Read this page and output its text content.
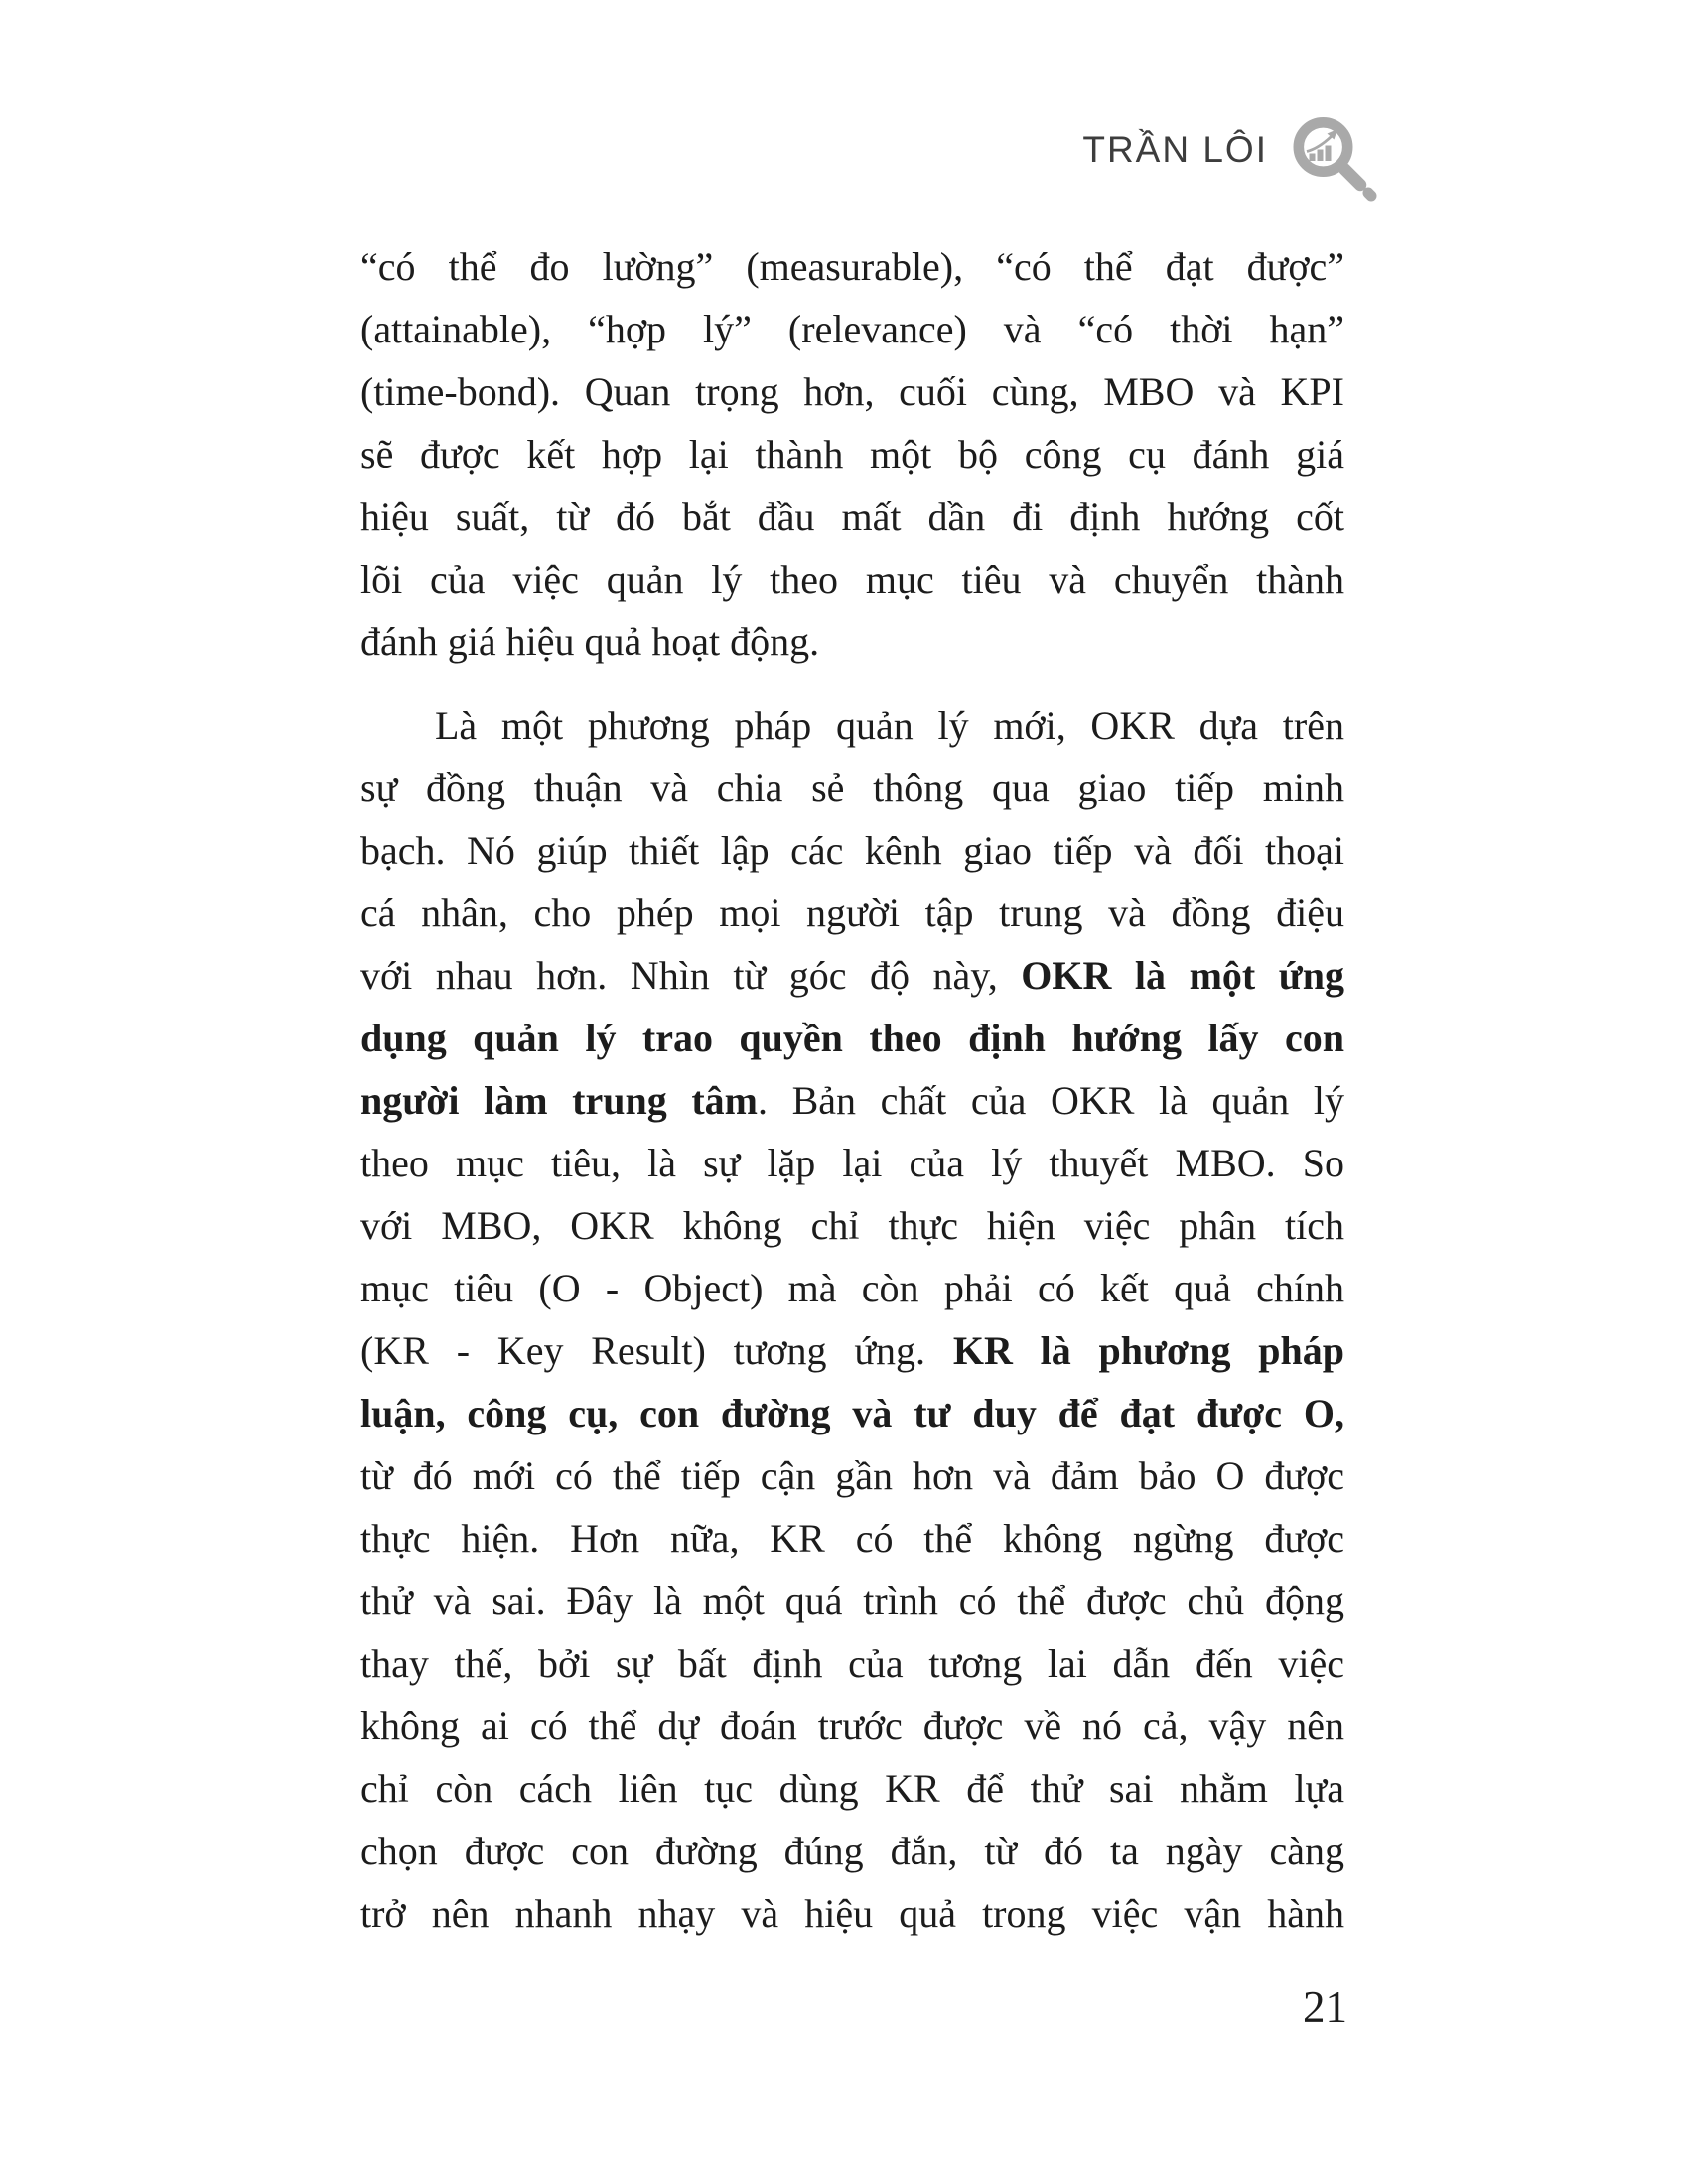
TRẦN LÔI
“có thể đo lường” (measurable), “có thể đạt được”
(attainable), “hợp lý” (relevance) và “có thời hạn”
(time-bond). Quan trọng hơn, cuối cùng, MBO và KPI
sẽ được kết hợp lại thành một bộ công cụ đánh giá
hiệu suất, từ đó bắt đầu mất dần đi định hướng cốt
lõi của việc quản lý theo mục tiêu và chuyển thành
đánh giá hiệu quả hoạt động.
Là một phương pháp quản lý mới, OKR dựa trên
sự đồng thuận và chia sẻ thông qua giao tiếp minh
bạch. Nó giúp thiết lập các kênh giao tiếp và đối thoại
cá nhân, cho phép mọi người tập trung và đồng điệu
với nhau hơn. Nhìn từ góc độ này, OKR là một ứng
dụng quản lý trao quyền theo định hướng lấy con
người làm trung tâm. Bản chất của OKR là quản lý
theo mục tiêu, là sự lặp lại của lý thuyết MBO. So
với MBO, OKR không chỉ thực hiện việc phân tích
mục tiêu (O - Object) mà còn phải có kết quả chính
(KR - Key Result) tương ứng. KR là phương pháp
luận, công cụ, con đường và tư duy để đạt được O,
từ đó mới có thể tiếp cận gần hơn và đảm bảo O được
thực hiện. Hơn nữa, KR có thể không ngừng được
thử và sai. Đây là một quá trình có thể được chủ động
thay thế, bởi sự bất định của tương lai dẫn đến việc
không ai có thể dự đoán trước được về nó cả, vậy nên
chỉ còn cách liên tục dùng KR để thử sai nhằm lựa
chọn được con đường đúng đắn, từ đó ta ngày càng
trở nên nhanh nhạy và hiệu quả trong việc vận hành
21
